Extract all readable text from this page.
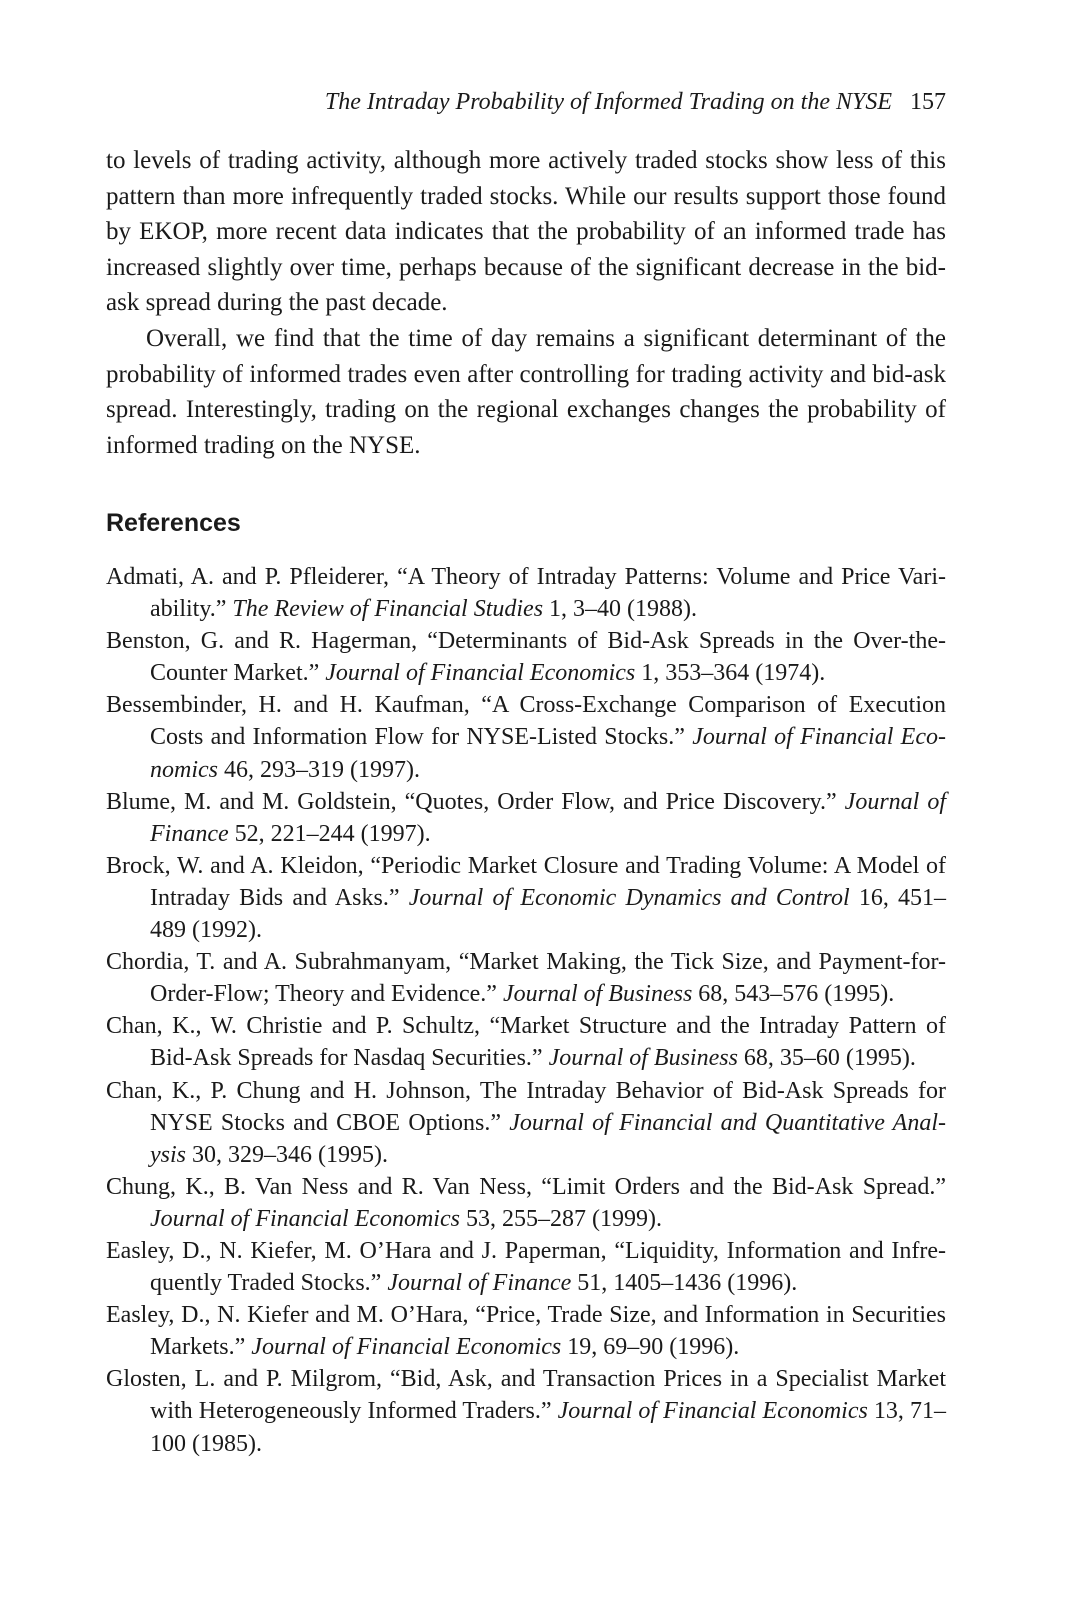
The Intraday Probability of Informed Trading on the NYSE 157

to levels of trading activity, although more actively traded stocks show less of this pattern than more infrequently traded stocks. While our results support those found by EKOP, more recent data indicates that the probability of an informed trade has increased slightly over time, perhaps because of the significant decrease in the bid-ask spread during the past decade.

Overall, we find that the time of day remains a significant determinant of the probability of informed trades even after controlling for trading activity and bid-ask spread. Interestingly, trading on the regional exchanges changes the probability of informed trading on the NYSE.

References
Admati, A. and P. Pfleiderer, “A Theory of Intraday Patterns: Volume and Price Variability.” The Review of Financial Studies 1, 3–40 (1988).
Benston, G. and R. Hagerman, “Determinants of Bid-Ask Spreads in the Over-the-Counter Market.” Journal of Financial Economics 1, 353–364 (1974).
Bessembinder, H. and H. Kaufman, “A Cross-Exchange Comparison of Execution Costs and Information Flow for NYSE-Listed Stocks.” Journal of Financial Economics 46, 293–319 (1997).
Blume, M. and M. Goldstein, “Quotes, Order Flow, and Price Discovery.” Journal of Finance 52, 221–244 (1997).
Brock, W. and A. Kleidon, “Periodic Market Closure and Trading Volume: A Model of Intraday Bids and Asks.” Journal of Economic Dynamics and Control 16, 451–489 (1992).
Chordia, T. and A. Subrahmanyam, “Market Making, the Tick Size, and Payment-for-Order-Flow; Theory and Evidence.” Journal of Business 68, 543–576 (1995).
Chan, K., W. Christie and P. Schultz, “Market Structure and the Intraday Pattern of Bid-Ask Spreads for Nasdaq Securities.” Journal of Business 68, 35–60 (1995).
Chan, K., P. Chung and H. Johnson, The Intraday Behavior of Bid-Ask Spreads for NYSE Stocks and CBOE Options.” Journal of Financial and Quantitative Analysis 30, 329–346 (1995).
Chung, K., B. Van Ness and R. Van Ness, “Limit Orders and the Bid-Ask Spread.” Journal of Financial Economics 53, 255–287 (1999).
Easley, D., N. Kiefer, M. O’Hara and J. Paperman, “Liquidity, Information and Infrequently Traded Stocks.” Journal of Finance 51, 1405–1436 (1996).
Easley, D., N. Kiefer and M. O’Hara, “Price, Trade Size, and Information in Securities Markets.” Journal of Financial Economics 19, 69–90 (1996).
Glosten, L. and P. Milgrom, “Bid, Ask, and Transaction Prices in a Specialist Market with Heterogeneously Informed Traders.” Journal of Financial Economics 13, 71–100 (1985).
